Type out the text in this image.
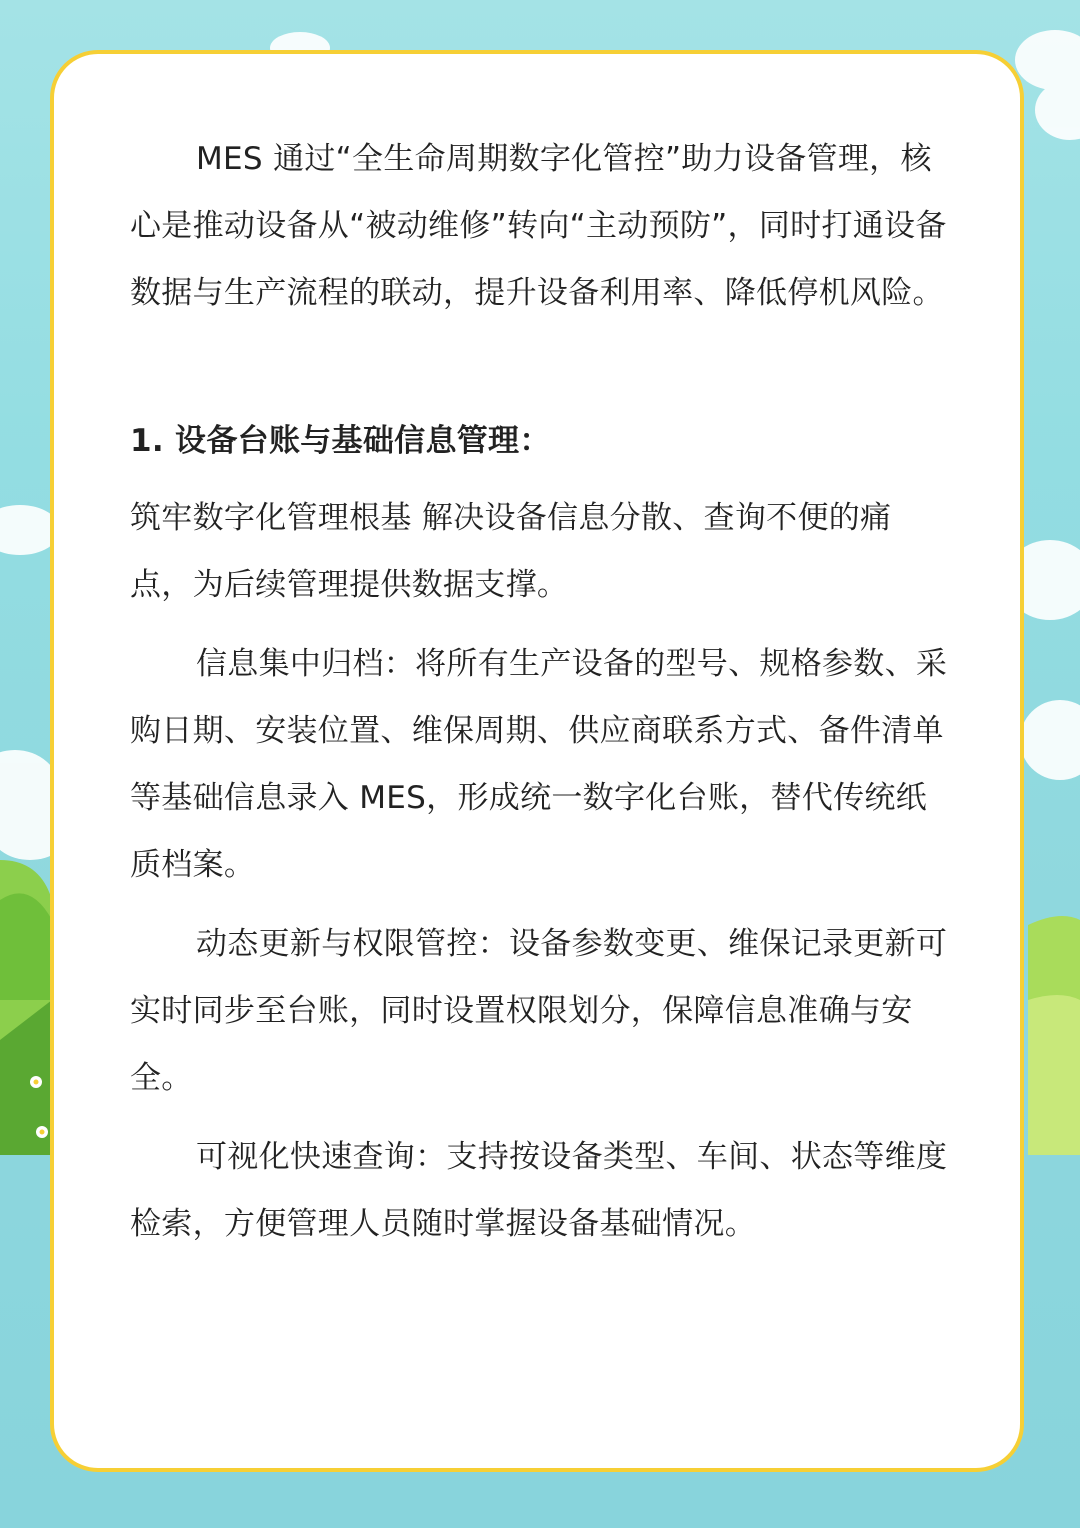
MES 通过“全生命周期数字化管控”助力设备管理，核心是推动设备从“被动维修”转向“主动预防”，同时打通设备数据与生产流程的联动，提升设备利用率、降低停机风险。

1. 设备台账与基础信息管理：

筑牢数字化管理根基 解决设备信息分散、查询不便的痛点，为后续管理提供数据支撑。

信息集中归档：将所有生产设备的型号、规格参数、采购日期、安装位置、维保周期、供应商联系方式、备件清单等基础信息录入 MES，形成统一数字化台账，替代传统纸质档案。

动态更新与权限管控：设备参数变更、维保记录更新可实时同步至台账，同时设置权限划分，保障信息准确与安全。

可视化快速查询：支持按设备类型、车间、状态等维度检索，方便管理人员随时掌握设备基础情况。
